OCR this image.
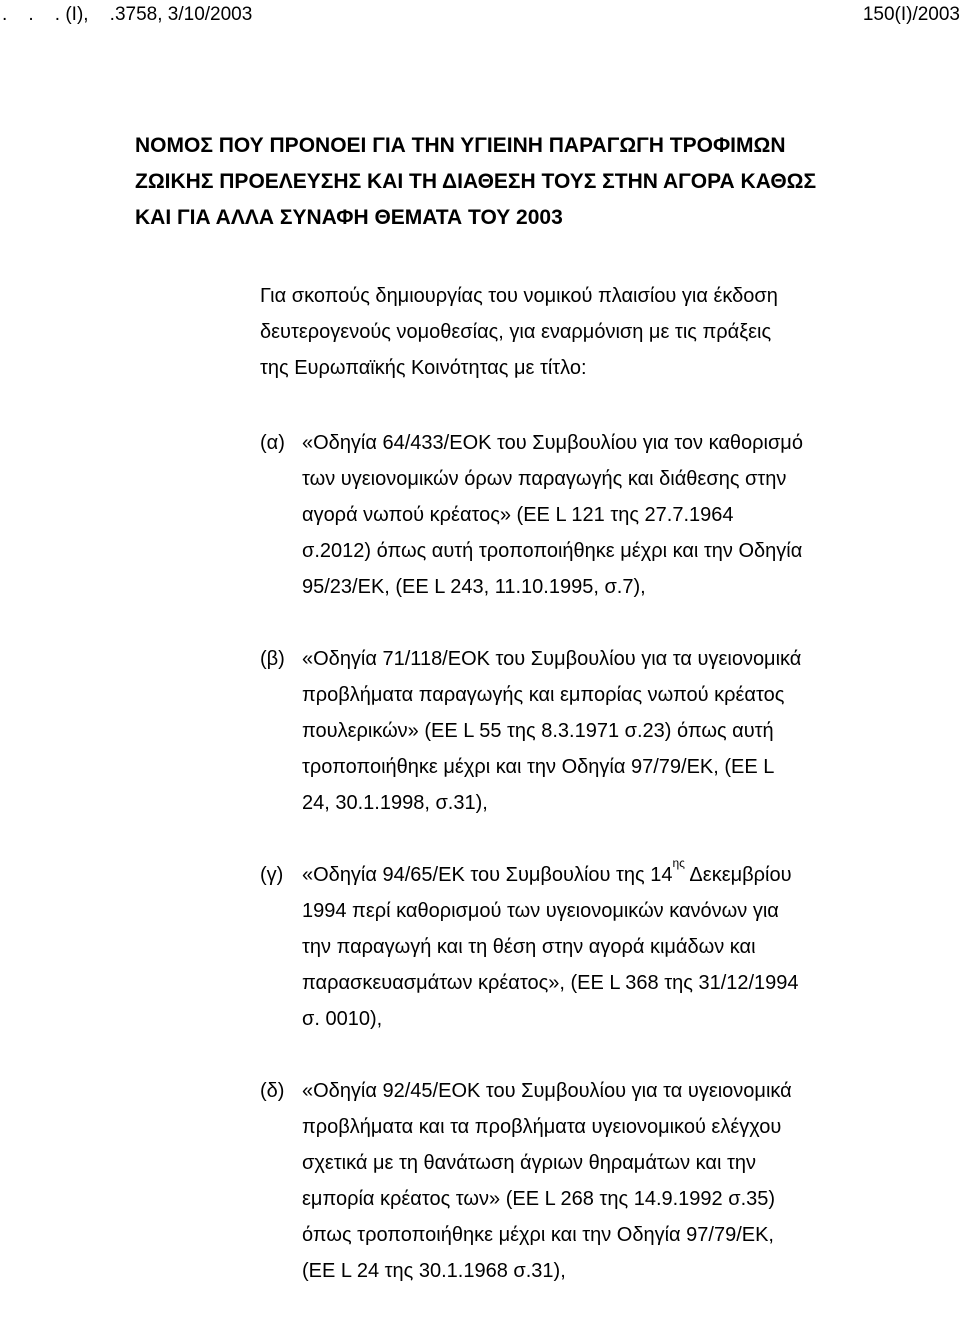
.    .    . (Ι),    .3758, 3/10/2003	150(Ι)/2003
ΝΟΜΟΣ ΠΟΥ ΠΡΟΝΟΕΙ ΓΙΑ ΤΗΝ ΥΓΙΕΙΝΗ ΠΑΡΑΓΩΓΗ ΤΡΟΦΙΜΩΝ
ΖΩΙΚΗΣ ΠΡΟΕΛΕΥΣΗΣ ΚΑΙ ΤΗ ΔΙΑΘΕΣΗ ΤΟΥΣ ΣΤΗΝ ΑΓΟΡΑ ΚΑΘΩΣ
ΚΑΙ ΓΙΑ ΑΛΛΑ ΣΥΝΑΦΗ ΘΕΜΑΤΑ ΤΟΥ 2003
Για σκοπούς δημιουργίας του νομικού πλαισίου για έκδοση
δευτερογενούς νομοθεσίας, για εναρμόνιση με τις πράξεις
της Ευρωπαϊκής Κοινότητας με τίτλο:
(α) «Οδηγία 64/433/ΕΟΚ του Συμβουλίου για τον καθορισμό
των υγειονομικών όρων παραγωγής και διάθεσης στην
αγορά νωπού κρέατος» (ΕΕ L 121 της 27.7.1964
σ.2012) όπως αυτή τροποποιήθηκε μέχρι και την Οδηγία
95/23/ΕΚ, (ΕΕ L 243, 11.10.1995, σ.7),
(β) «Οδηγία 71/118/ΕΟΚ του Συμβουλίου για τα υγειονομικά
προβλήματα παραγωγής και εμπορίας νωπού κρέατος
πουλερικών» (ΕΕ L 55 της 8.3.1971 σ.23) όπως αυτή
τροποποιήθηκε μέχρι και την Οδηγία 97/79/ΕΚ, (ΕΕ L
24, 30.1.1998, σ.31),
(γ) «Οδηγία 94/65/ΕΚ του Συμβουλίου της $14^{\eta\varsigma}$ Δεκεμβρίου
1994 περί καθορισμού των υγειονομικών κανόνων για
την παραγωγή και τη θέση στην αγορά κιμάδων και
παρασκευασμάτων κρέατος», (ΕΕ L 368 της 31/12/1994
σ. 0010),
(δ) «Οδηγία 92/45/ΕΟΚ του Συμβουλίου για τα υγειονομικά
προβλήματα και τα προβλήματα υγειονομικού ελέγχου
σχετικά με τη θανάτωση άγριων θηραμάτων και την
εμπορία κρέατος των» (ΕΕ L 268 της 14.9.1992 σ.35)
όπως τροποποιήθηκε μέχρι και την Οδηγία 97/79/ΕΚ,
(ΕΕ L 24 της 30.1.1968 σ.31),
